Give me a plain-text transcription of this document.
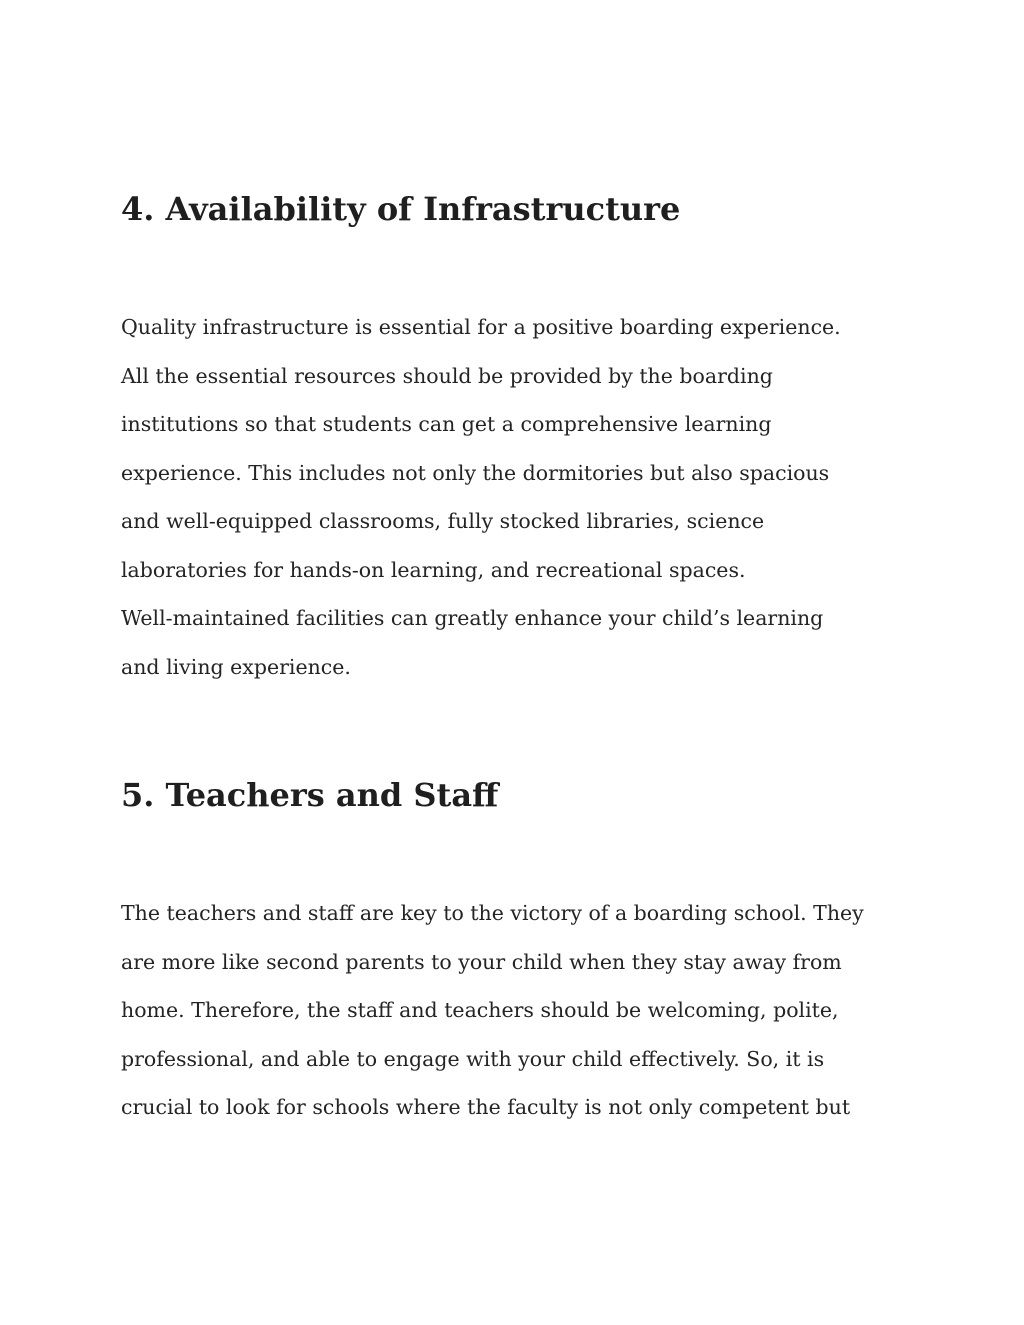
4. Availability of Infrastructure
Quality infrastructure is essential for a positive boarding experience.
All the essential resources should be provided by the boarding
institutions so that students can get a comprehensive learning
experience. This includes not only the dormitories but also spacious
and well-equipped classrooms, fully stocked libraries, science
laboratories for hands-on learning, and recreational spaces.
Well-maintained facilities can greatly enhance your child’s learning
and living experience.
5. Teachers and Staff
The teachers and staff are key to the victory of a boarding school. They
are more like second parents to your child when they stay away from
home. Therefore, the staff and teachers should be welcoming, polite,
professional, and able to engage with your child effectively. So, it is
crucial to look for schools where the faculty is not only competent but
